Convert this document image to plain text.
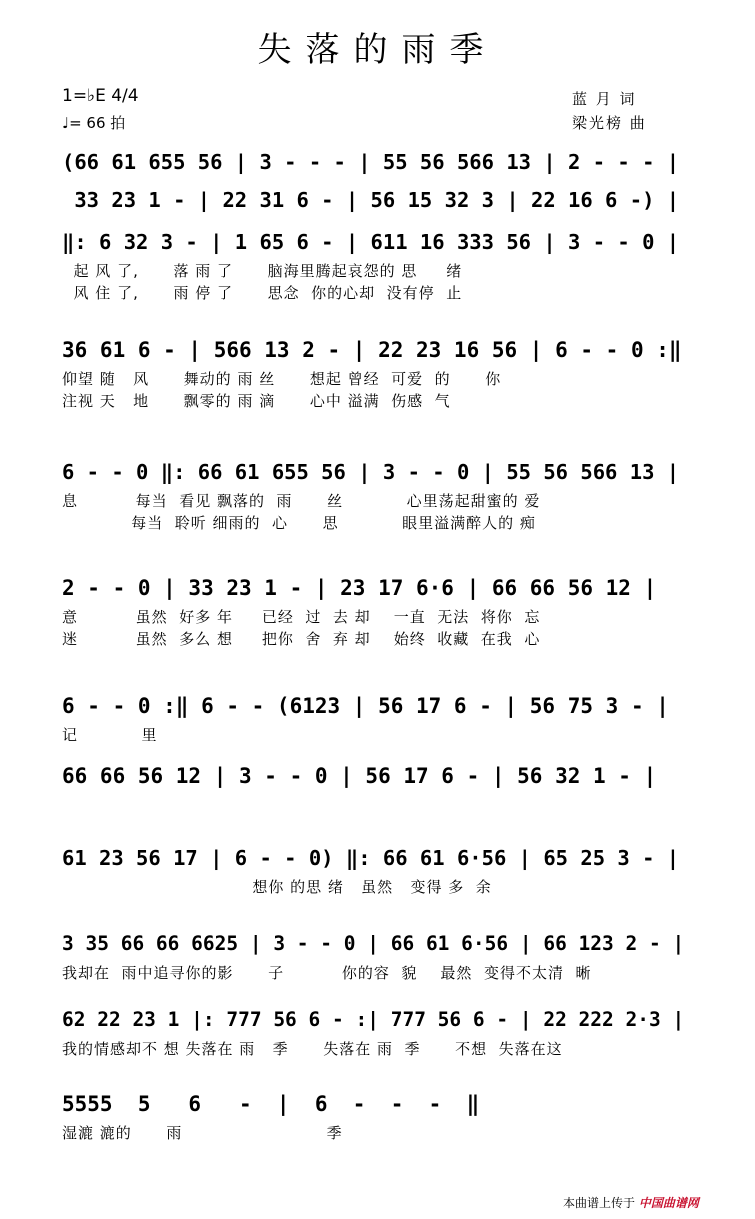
失落的雨季
1=♭E 4/4
♩= 66 拍
蓝 月 词
梁光榜 曲
(66 61 655 56 | 3 - - - | 55 56 566 13 | 2 - - - |
33 23 1 - | 22 31 6 - | 56 15 32 3 | 22 16 6 -) |
‖: 6 32 3 - | 1 65 6 - | 611 16 333 56 | 3 - - 0 |
起 风 了,      落 雨 了      脑海里腾起哀怨的 思     绪
风 住 了,      雨 停 了      思念  你的心却  没有停  止
36 61 6 - | 566 13 2 - | 22 23 16 56 | 6 - - 0 :‖
仰望 随   风      舞动的 雨 丝      想起 曾经  可爱  的      你
注视 天   地      飘零的 雨 滴      心中 溢满  伤感  气
6 - - 0 ‖: 66 61 655 56 | 3 - - 0 | 55 56 566 13 |
息          每当  看见 飘落的  雨      丝           心里荡起甜蜜的 爱
每当  聆听 细雨的  心      思           眼里溢满醉人的 痴
2 - - 0 | 33 23 1 - | 23 17 6·6 | 66 66 56 12 |
意          虽然  好多 年     已经  过  去 却    一直  无法  将你  忘
迷          虽然  多么 想     把你  舍  弃 却    始终  收藏  在我  心
6 - - 0 :‖ 6 - - (6123 | 56 17 6 - | 56 75 3 - |
记           里
66 66 56 12 | 3 - - 0 | 56 17 6 - | 56 32 1 - |
61 23 56 17 | 6 - - 0) ‖: 66 61 6·56 | 65 25 3 - |
想你 的思 绪   虽然   变得 多  余
3 35 66 66 6625 | 3 - - 0 | 66 61 6·56 | 66 123 2 - |
我却在  雨中追寻你的影      子          你的容  貌    最然  变得不太清  晰
62 22 23 1 |: 777 56 6 - :| 777 56 6 - | 22 222 2·3 |
我的情感却不 想 失落在 雨   季      失落在 雨  季      不想  失落在这
5555  5   6   -  |  6  -  -  -  ‖
湿漉 漉的      雨                         季
本曲谱上传于 中国曲谱网
